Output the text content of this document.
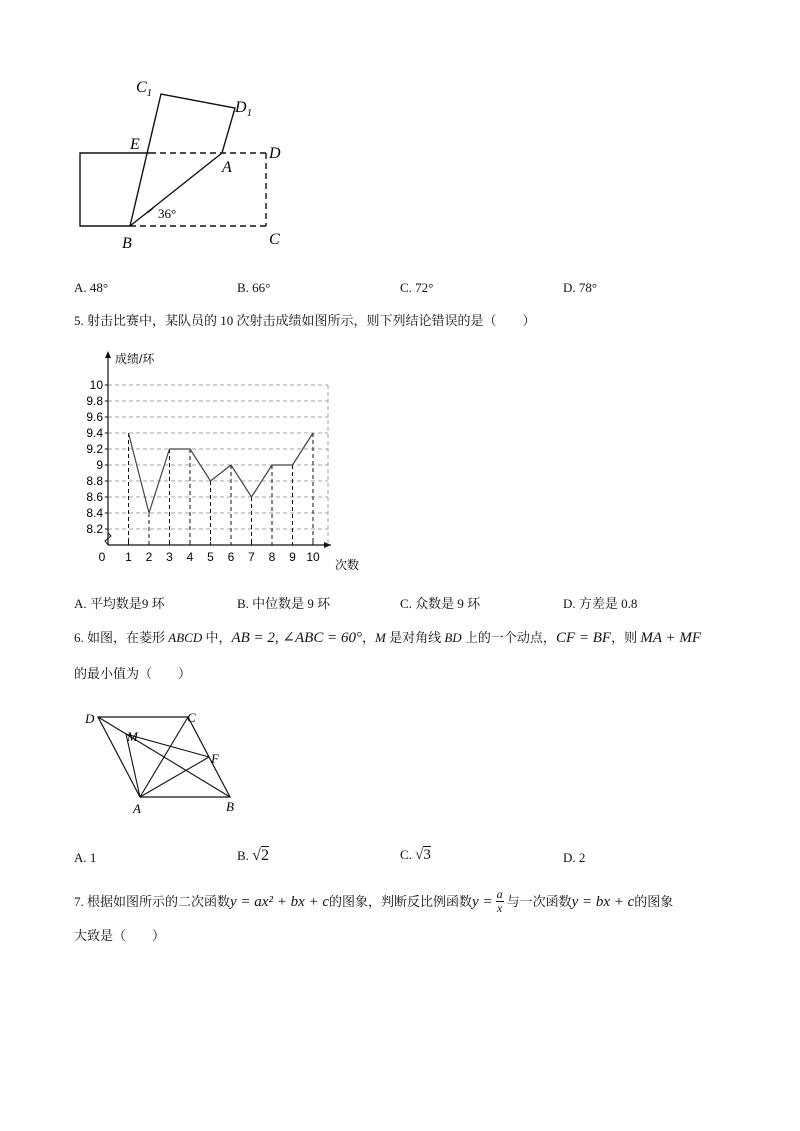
$C_1$
$D_1$
E
A
D
B	C
36°
A. 48°	B. 66°	C. 72°	D. 78°
5. 射击比赛中，某队员的 10 次射击成绩如图所示，则下列结论错误的是（　　）
8.2
8.4
8.6
8.8
9
9.2
9.4
9.6
9.8
10
0 1 2 3 4 5 6 7 8 9 10
成绩/环
次数
A. 平均数是9 环	B. 中位数是 9 环	C. 众数是 9 环	D. 方差是 0.8
6. 如图，在菱形 ABCD 中，AB = 2, ∠ABC = 60°，M 是对角线 BD 上的一个动点，CF = BF，则 MA + MF
的最小值为（　　）
D	C
M
F
A	B
A. 1	B. √2	C. √3	D. 2
7. 根据如图所示的二次函数 y = ax² + bx + c 的图象，判断反比例函数 $y = \frac{a}{x}$ 与一次函数 y = bx + c 的图象
大致是（　　）
